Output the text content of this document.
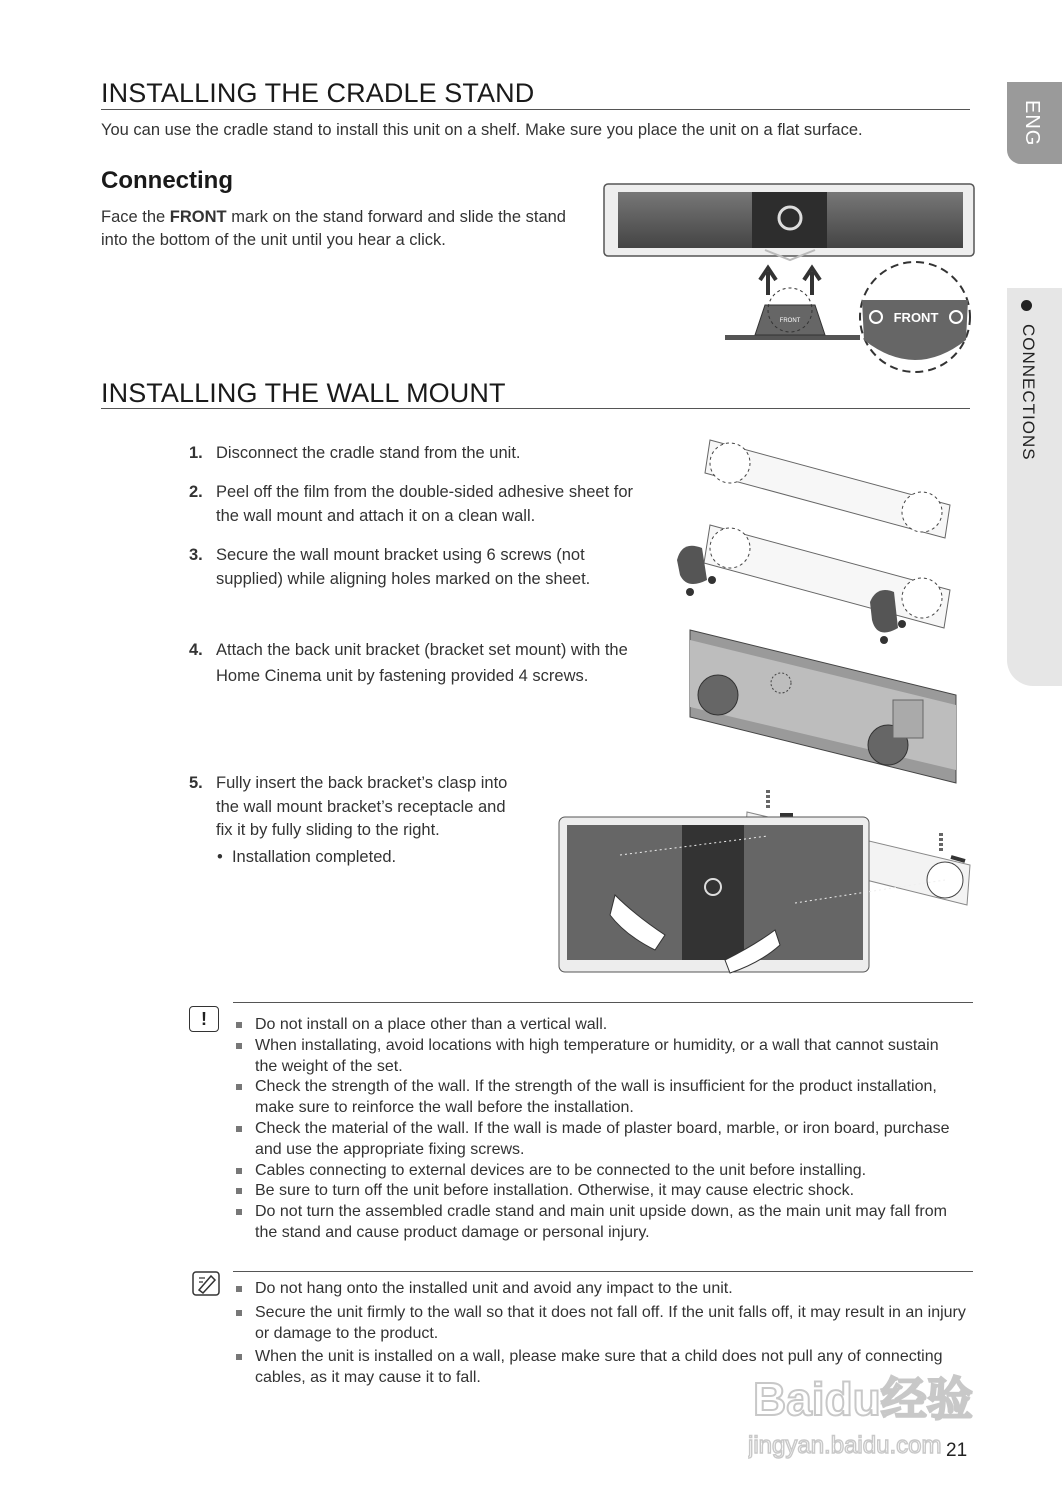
ENG
CONNECTIONS
INSTALLING THE CRADLE STAND

You can use the cradle stand to install this unit on a shelf. Make sure you place the unit on a flat surface.

Connecting

Face the FRONT mark on the stand forward and slide the stand into the bottom of the unit until you hear a click.

FRONT	FRONT
INSTALLING THE WALL MOUNT
1. Disconnect the cradle stand from the unit.
2. Peel off the film from the double-sided adhesive sheet for the wall mount and attach it on a clean wall.
3. Secure the wall mount bracket using 6 screws (not supplied) while aligning holes marked on the sheet.
4. Attach the back unit bracket (bracket set mount) with the Home Cinema unit by fastening provided 4 screws.
5. Fully insert the back bracket’s clasp into the wall mount bracket’s receptacle and fix it by fully sliding to the right.
• Installation completed.
!	Do not install on a place other than a vertical wall.
When installating, avoid locations with high temperature or humidity, or a wall that cannot sustain the weight of the set.
Check the strength of the wall. If the strength of the wall is insufficient for the product installation, make sure to reinforce the wall before the installation.
Check the material of the wall. If the wall is made of plaster board, marble, or iron board, purchase and use the appropriate fixing screws.
Cables connecting to external devices are to be connected to the unit before installing.
Be sure to turn off the unit before installation. Otherwise, it may cause electric shock.
Do not turn the assembled cradle stand and main unit upside down, as the main unit may fall from the stand and cause product damage or personal injury.
Do not hang onto the installed unit and avoid any impact to the unit.
Secure the unit firmly to the wall so that it does not fall off. If the unit falls off, it may result in an injury or damage to the product.
When the unit is installed on a wall, please make sure that a child does not pull any of connecting cables, as it may cause it to fall.	Baidu经验
jingyan.baidu.com 21
